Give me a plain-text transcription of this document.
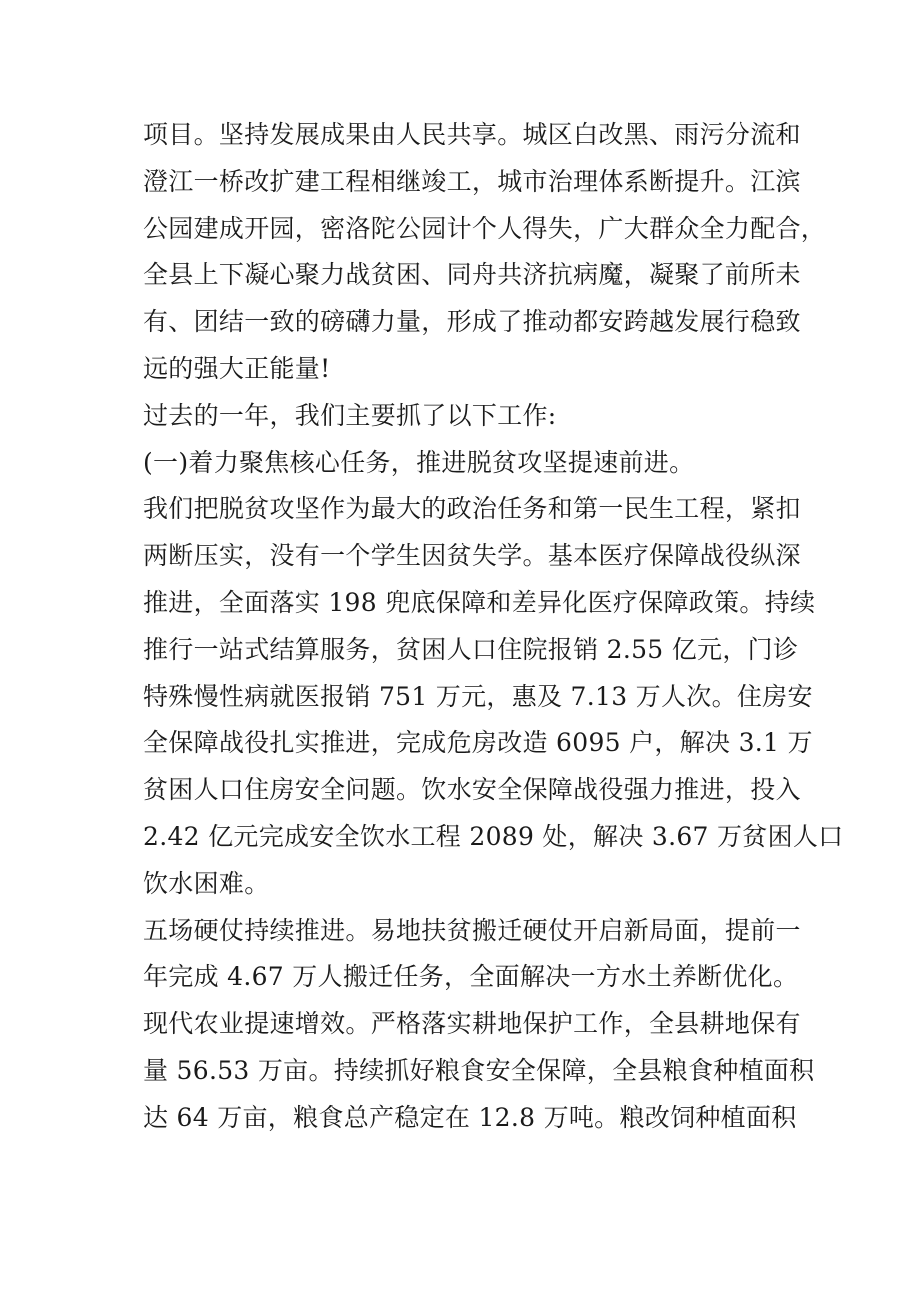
项目。坚持发展成果由人民共享。城区白改黑、雨污分流和
澄江一桥改扩建工程相继竣工，城市治理体系断提升。江滨
公园建成开园，密洛陀公园计个人得失，广大群众全力配合，
全县上下凝心聚力战贫困、同舟共济抗病魔，凝聚了前所未
有、团结一致的磅礴力量，形成了推动都安跨越发展行稳致
远的强大正能量!
过去的一年，我们主要抓了以下工作:
(一)着力聚焦核心任务，推进脱贫攻坚提速前进。
我们把脱贫攻坚作为最大的政治任务和第一民生工程，紧扣
两断压实，没有一个学生因贫失学。基本医疗保障战役纵深
推进，全面落实 198 兜底保障和差异化医疗保障政策。持续
推行一站式结算服务，贫困人口住院报销 2.55 亿元，门诊
特殊慢性病就医报销 751 万元，惠及 7.13 万人次。住房安
全保障战役扎实推进，完成危房改造 6095 户，解决 3.1 万
贫困人口住房安全问题。饮水安全保障战役强力推进，投入
2.42 亿元完成安全饮水工程 2089 处，解决 3.67 万贫困人口
饮水困难。
五场硬仗持续推进。易地扶贫搬迁硬仗开启新局面，提前一
年完成 4.67 万人搬迁任务，全面解决一方水土养断优化。
现代农业提速增效。严格落实耕地保护工作，全县耕地保有
量 56.53 万亩。持续抓好粮食安全保障，全县粮食种植面积
达 64 万亩，粮食总产稳定在 12.8 万吨。粮改饲种植面积
